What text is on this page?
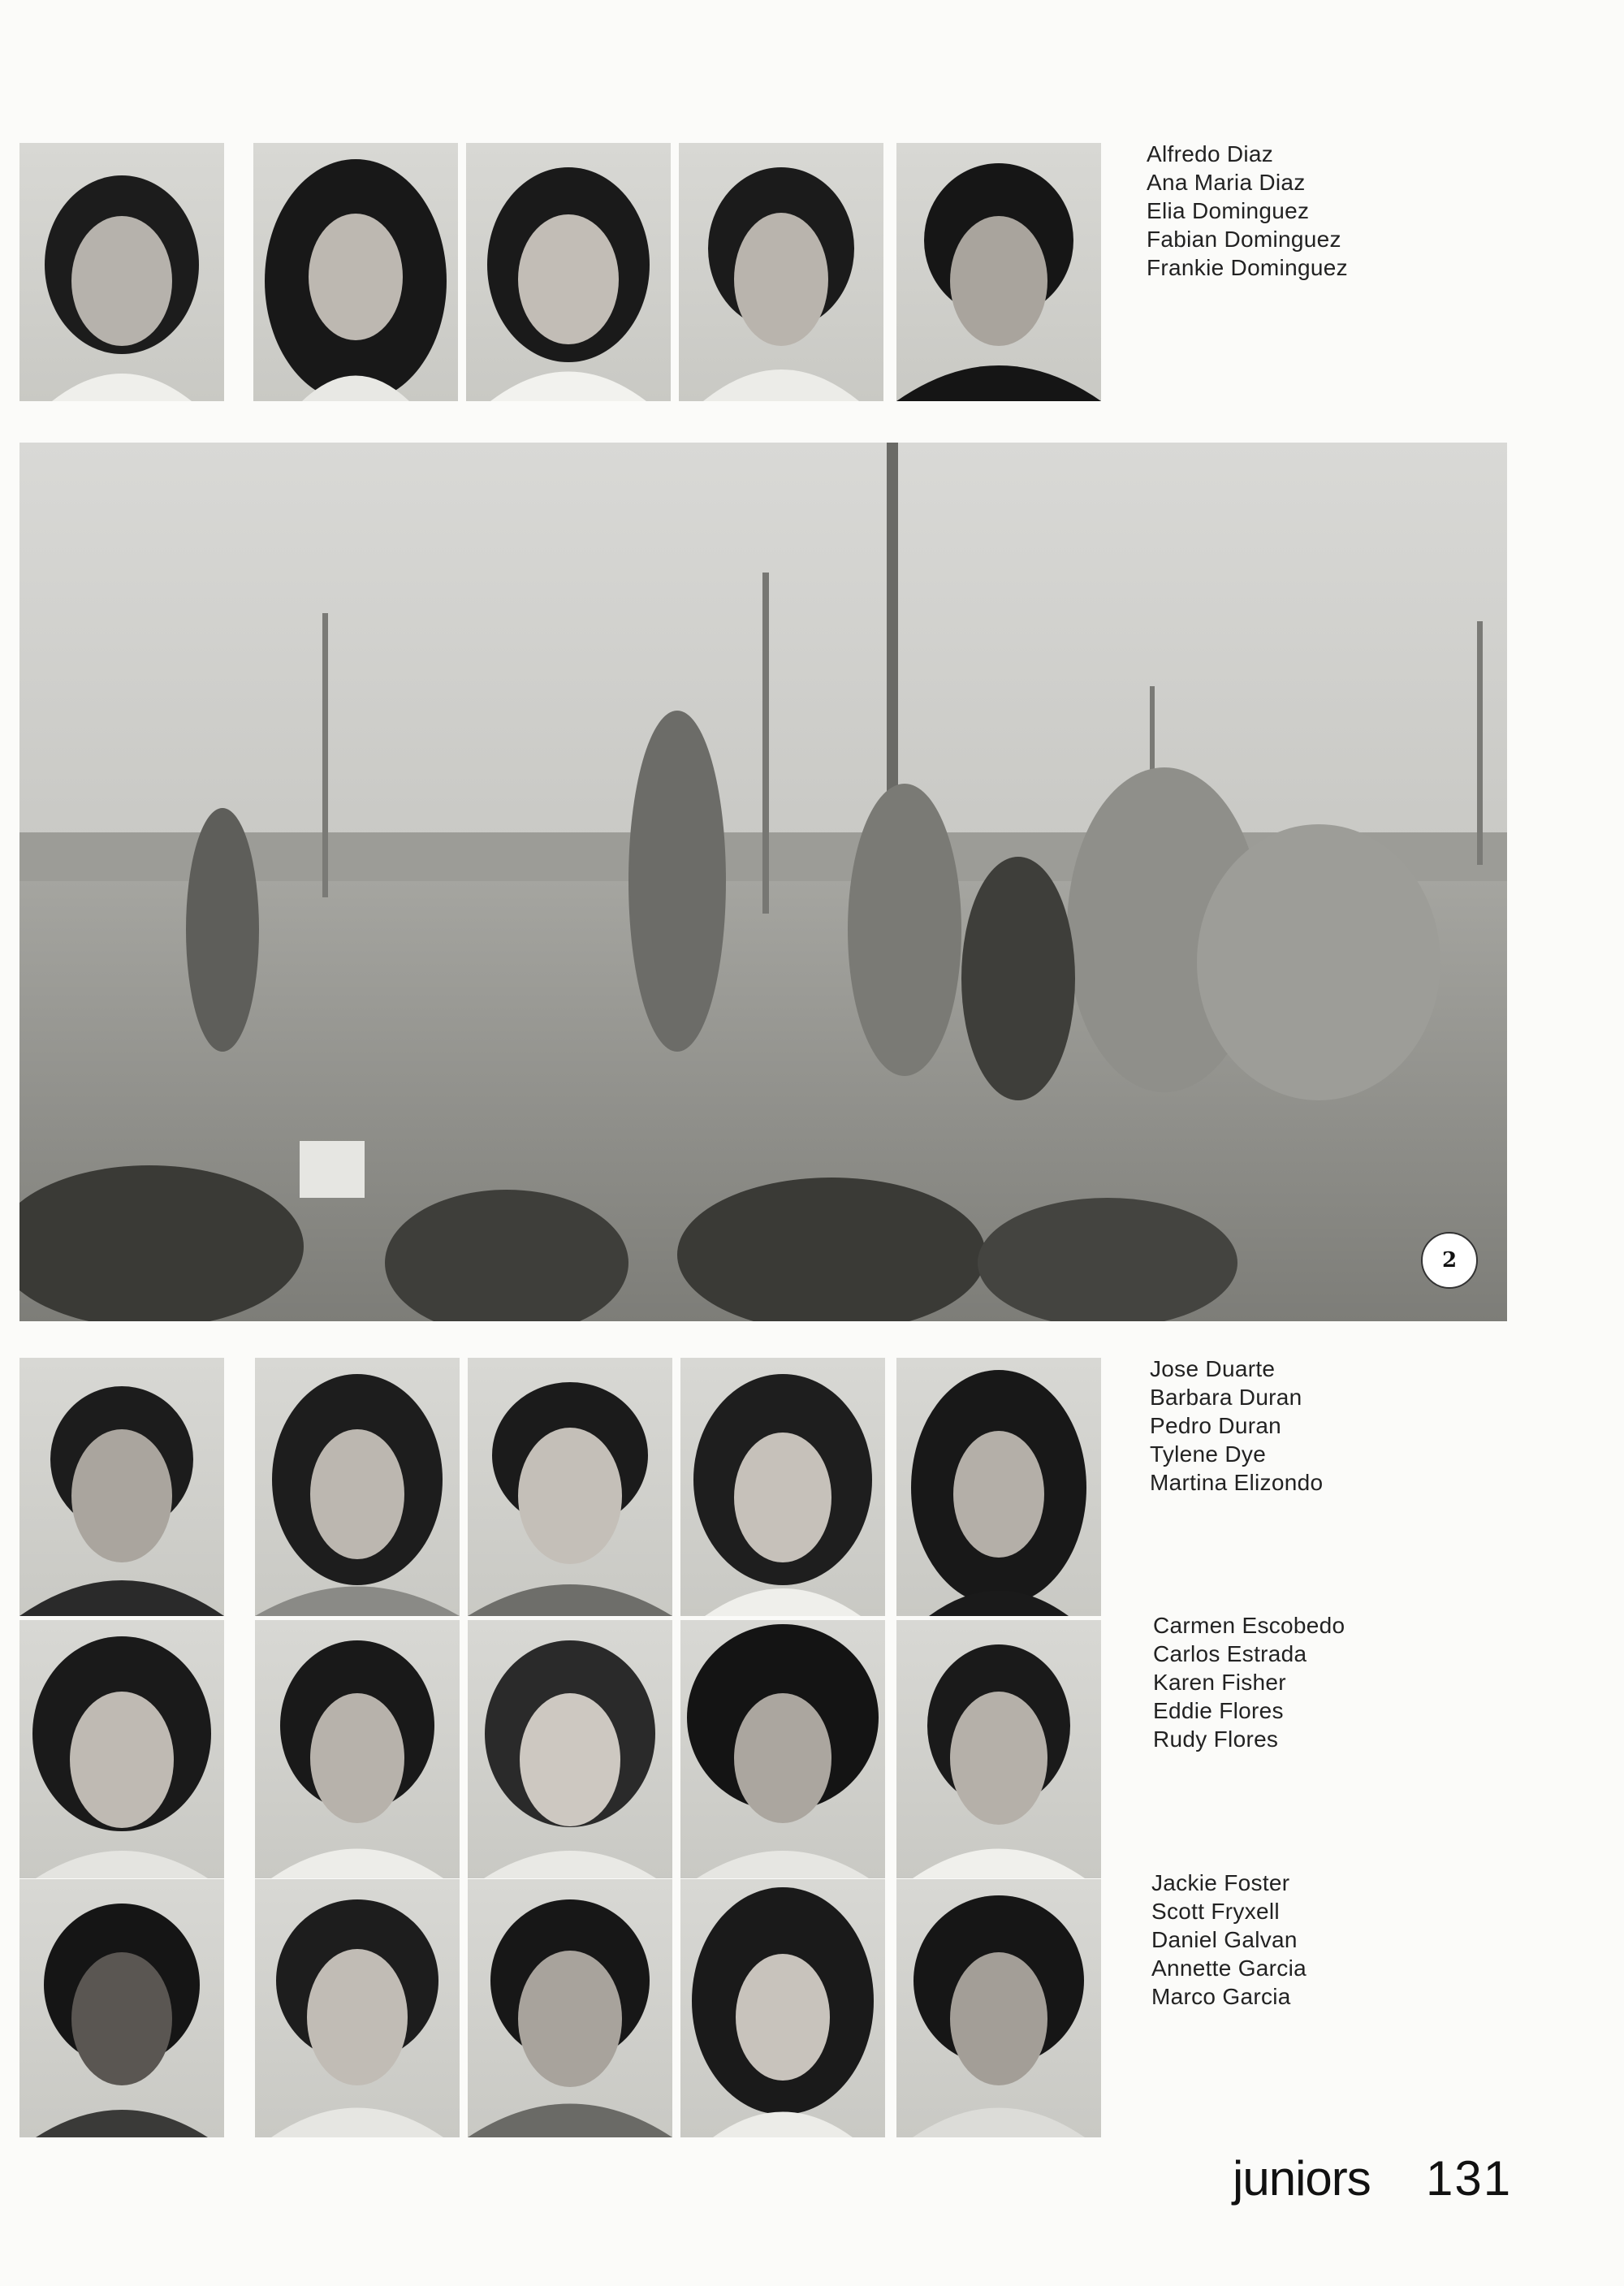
Alfredo Diaz
Ana Maria Diaz
Elia Dominguez
Fabian Dominguez
Frankie Dominguez
2
Jose Duarte
Barbara Duran
Pedro Duran
Tylene Dye
Martina Elizondo
Carmen Escobedo
Carlos Estrada
Karen Fisher
Eddie Flores
Rudy Flores
Jackie Foster
Scott Fryxell
Daniel Galvan
Annette Garcia
Marco Garcia
juniors 131
